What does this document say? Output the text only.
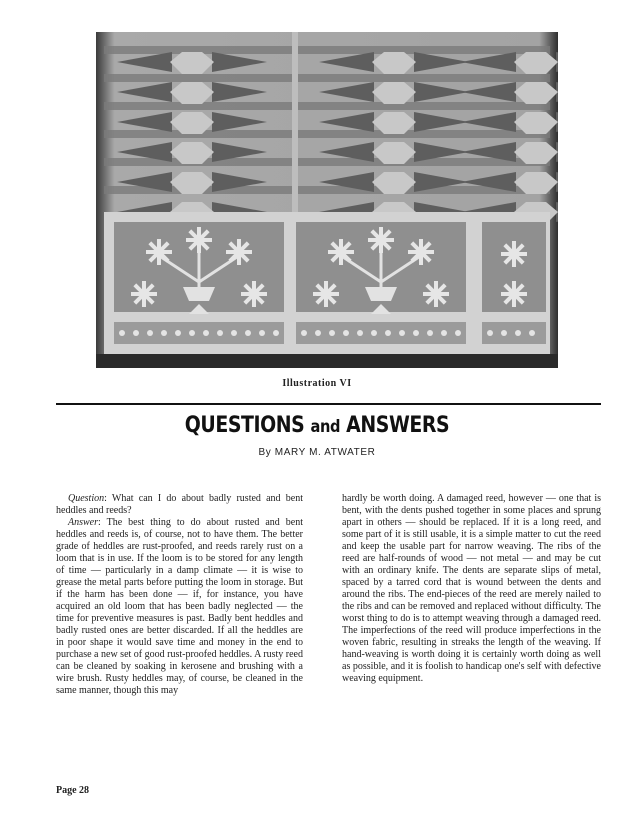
Illustration VI
QUESTIONS and ANSWERS
By MARY M. ATWATER

Question: What can I do about badly rusted and bent heddles and reeds?

Answer: The best thing to do about rusted and bent heddles and reeds is, of course, not to have them. The better grade of heddles are rust-proofed, and reeds rarely rust on a loom that is in use. If the loom is to be stored for any length of time — particularly in a damp climate — it is wise to grease the metal parts before putting the loom in storage. But if the harm has been done — if, for instance, you have acquired an old loom that has been badly neglected — the time for preventive measures is past. Badly bent heddles and badly rusted ones are better discarded. If all the heddles are in poor shape it would save time and money in the end to purchase a new set of good rust-proofed heddles. A rusty reed can be cleaned by soaking in kerosene and brushing with a wire brush. Rusty heddles may, of course, be cleaned in the same manner, though this may

hardly be worth doing. A damaged reed, however — one that is bent, with the dents pushed together in some places and sprung apart in others — should be replaced. If it is a long reed, and some part of it is still usable, it is a simple matter to cut the reed and keep the usable part for narrow weaving. The ribs of the reed are half-rounds of wood — not metal — and may be cut with an ordinary knife. The dents are separate slips of metal, spaced by a tarred cord that is wound between the dents and around the ribs. The end-pieces of the reed are merely nailed to the ribs and can be removed and replaced without difficulty. The worst thing to do is to attempt weaving through a damaged reed. The imperfections of the reed will produce imperfections in the woven fabric, resulting in streaks the length of the weaving. If hand-weaving is worth doing it is certainly worth doing as well as possible, and it is foolish to handicap one's self with defective weaving equipment.

Page 28
